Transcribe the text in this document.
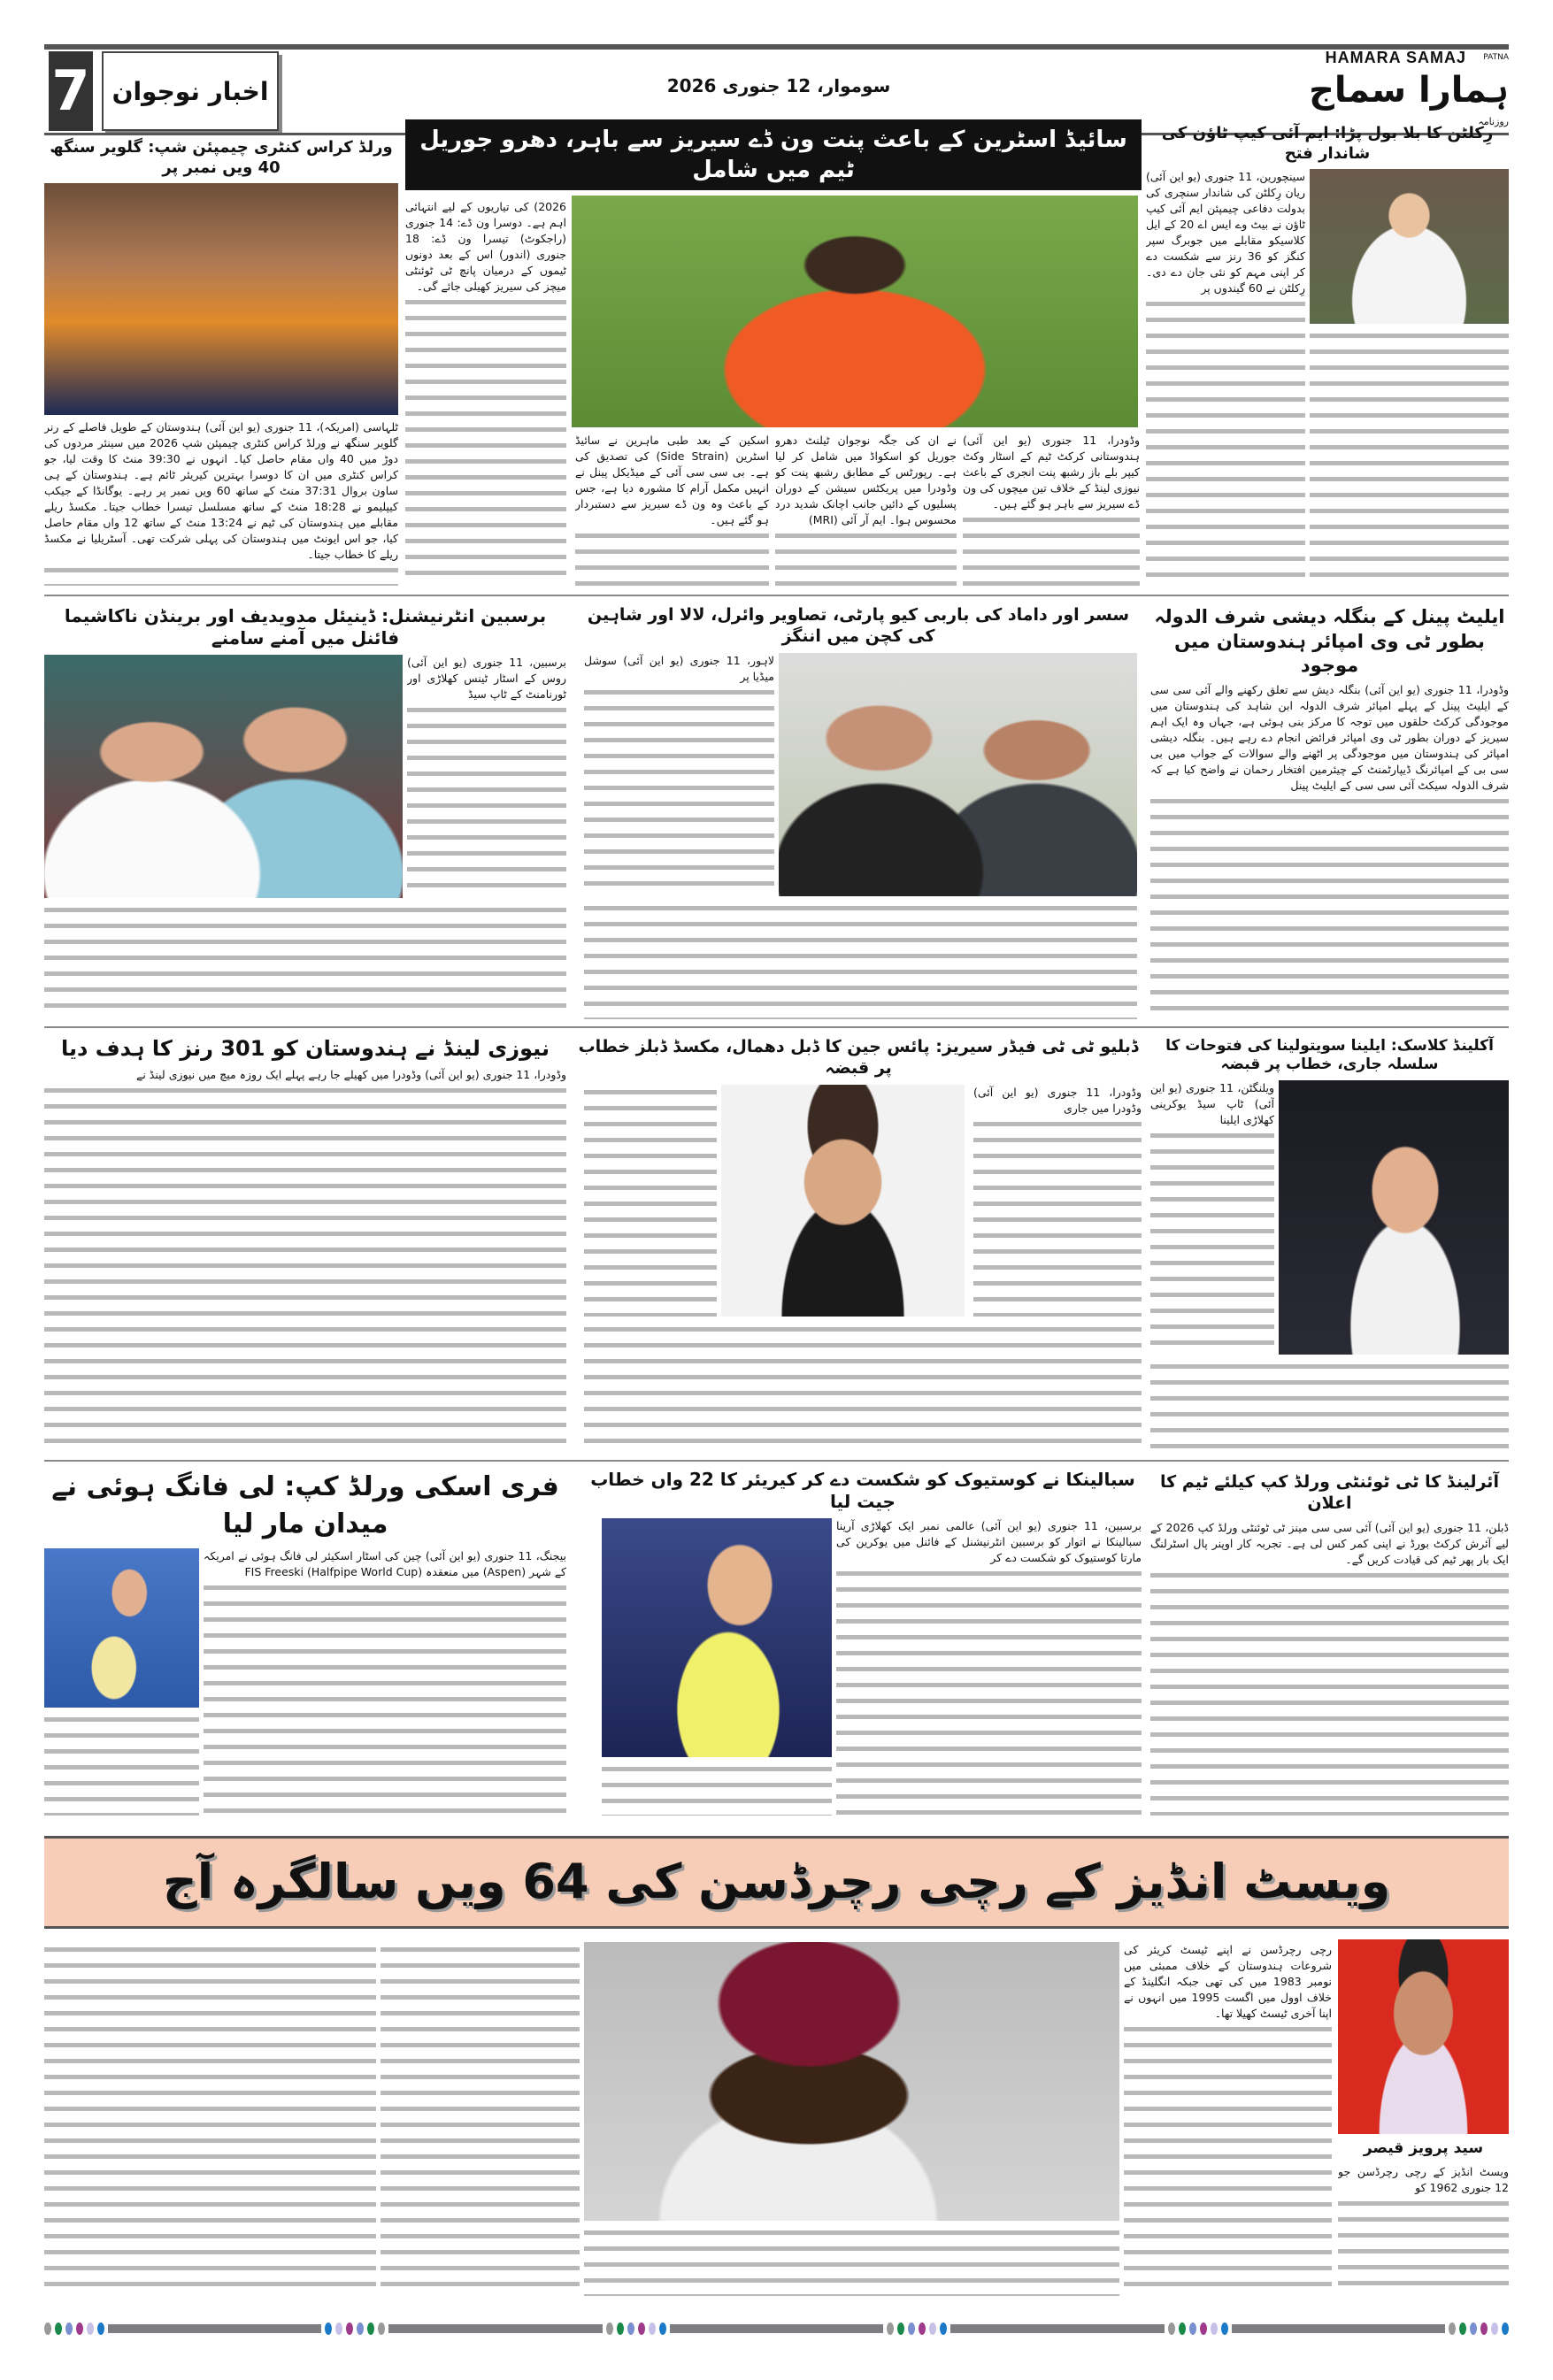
7 اخبار نوجوان	سوموار، 12 جنوری 2026
HAMARA SAMAJ PATNA
ہمارا سماج
روزنامہ
ورلڈ کراس کنٹری چیمپئن شپ: گلویر سنگھ 40 ویں نمبر پر

ٹلہاسی (امریکہ)، 11 جنوری (یو این آئی) ہندوستان کے طویل فاصلے کے رنر گلویر سنگھ نے ورلڈ کراس کنٹری چیمپئن شپ 2026 میں سینئر مردوں کی دوڑ میں 40 واں مقام حاصل کیا۔ انہوں نے 39:30 منٹ کا وقت لیا، جو کراس کنٹری میں ان کا دوسرا بہترین کیریئر ٹائم ہے۔ ہندوستان کے ہی ساون بروال 37:31 منٹ کے ساتھ 60 ویں نمبر پر رہے۔ یوگانڈا کے جیکب کیپلیمو نے 18:28 منٹ کے ساتھ مسلسل تیسرا خطاب جیتا۔ مکسڈ ریلے مقابلے میں ہندوستان کی ٹیم نے 13:24 منٹ کے ساتھ 12 واں مقام حاصل کیا، جو اس ایونٹ میں ہندوستان کی پہلی شرکت تھی۔ آسٹریلیا نے مکسڈ ریلے کا خطاب جیتا۔

سائیڈ اسٹرین کے باعث پنت ون ڈے سیریز سے باہر، دھرو جوریل ٹیم میں شامل

2026) کی تیاریوں کے لیے انتہائی اہم ہے۔ دوسرا ون ڈے: 14 جنوری (راجکوٹ) تیسرا ون ڈے: 18 جنوری (اندور) اس کے بعد دونوں ٹیموں کے درمیان پانچ ٹی ٹوئنٹی میچز کی سیریز کھیلی جائے گی۔

وڈودرا، 11 جنوری (یو این آئی) ہندوستانی کرکٹ ٹیم کے اسٹار وکٹ کیپر بلے باز رشبھ پنت انجری کے باعث نیوزی لینڈ کے خلاف تین میچوں کی ون ڈے سیریز سے باہر ہو گئے ہیں۔

نے ان کی جگہ نوجوان ٹیلنٹ دھرو جوریل کو اسکواڈ میں شامل کر لیا ہے۔ رپورٹس کے مطابق رشبھ پنت کو وڈودرا میں پریکٹس سیشن کے دوران پسلیوں کے دائیں جانب اچانک شدید درد محسوس ہوا۔ ایم آر آئی (MRI)

اسکین کے بعد طبی ماہرین نے سائیڈ اسٹرین (Side Strain) کی تصدیق کی ہے۔ بی سی سی آئی کے میڈیکل پینل نے انہیں مکمل آرام کا مشورہ دیا ہے، جس کے باعث وہ ون ڈے سیریز سے دستبردار ہو گئے ہیں۔

رِکلٹن کا بلا بول پڑا: ایم آئی کیپ ٹاؤن کی شاندار فتح

سینچورین، 11 جنوری (یو این آئی) ریان رِکلٹن کی شاندار سنچری کی بدولت دفاعی چیمپئن ایم آئی کیپ ٹاؤن نے بیٹ وے ایس اے 20 کے ایل کلاسیکو مقابلے میں جوبرگ سپر کنگز کو 36 رنز سے شکست دے کر اپنی مہم کو نئی جان دے دی۔ رِکلٹن نے 60 گیندوں پر

برسبین انٹرنیشنل: ڈینیئل مدویدیف اور برینڈن ناکاشیما فائنل میں آمنے سامنے

برسبین، 11 جنوری (یو این آئی) روس کے اسٹار ٹینس کھلاڑی اور ٹورنامنٹ کے ٹاپ سیڈ

سسر اور داماد کی باربی کیو پارٹی، تصاویر وائرل، لالا اور شاہین کی کچن میں اننگز

لاہور، 11 جنوری (یو این آئی) سوشل میڈیا پر

ایلیٹ پینل کے بنگلہ دیشی شرف الدولہ
بطور ٹی وی امپائر ہندوستان میں موجود

وڈودرا، 11 جنوری (یو این آئی) بنگلہ دیش سے تعلق رکھنے والے آئی سی سی کے ایلیٹ پینل کے پہلے امپائر شرف الدولہ ابن شاہد کی ہندوستان میں موجودگی کرکٹ حلقوں میں توجہ کا مرکز بنی ہوئی ہے، جہاں وہ ایک اہم سیریز کے دوران بطور ٹی وی امپائر فرائض انجام دے رہے ہیں۔ بنگلہ دیشی امپائر کی ہندوستان میں موجودگی پر اٹھنے والے سوالات کے جواب میں بی سی بی کے امپائرنگ ڈیپارٹمنٹ کے چیئرمین افتخار رحمان نے واضح کیا ہے کہ شرف الدولہ سیکٹ آئی سی سی کے ایلیٹ پینل

نیوزی لینڈ نے ہندوستان کو 301 رنز کا ہدف دیا

وڈودرا، 11 جنوری (یو این آئی) وڈودرا میں کھیلے جا رہے پہلے ایک روزہ میچ میں نیوزی لینڈ نے

ڈبلیو ٹی ٹی فیڈر سیریز: پائس جین کا ڈبل دھمال، مکسڈ ڈبلز خطاب پر قبضہ

وڈودرا، 11 جنوری (یو این آئی) وڈودرا میں جاری

آکلینڈ کلاسک: ایلینا سویتولینا کی فتوحات کا سلسلہ جاری، خطاب پر قبضہ

ویلنگٹن، 11 جنوری (یو این آئی) ٹاپ سیڈ یوکرینی کھلاڑی ایلینا

فری اسکی ورلڈ کپ: لی فانگ ہوئی نے میدان مار لیا

بیجنگ، 11 جنوری (یو این آئی) چین کی اسٹار اسکیئر لی فانگ ہوئی نے امریکہ کے شہر (Aspen) میں منعقدہ FIS Freeski (Halfpipe World Cup)

سبالینکا نے کوستیوک کو شکست دے کر کیریئر کا 22 واں خطاب جیت لیا

برسبین، 11 جنوری (یو این آئی) عالمی نمبر ایک کھلاڑی آرینا سبالینکا نے اتوار کو برسبین انٹرنیشنل کے فائنل میں یوکرین کی مارتا کوستیوک کو شکست دے کر

آئرلینڈ کا ٹی ٹوئنٹی ورلڈ کپ کیلئے ٹیم کا اعلان

ڈبلن، 11 جنوری (یو این آئی) آئی سی سی مینز ٹی ٹوئنٹی ورلڈ کپ 2026 کے لیے آئرش کرکٹ بورڈ نے اپنی کمر کس لی ہے۔ تجربہ کار اوپنر پال اسٹرلنگ ایک بار پھر ٹیم کی قیادت کریں گے۔

ویسٹ انڈیز کے رچی رچرڈسن کی 64 ویں سالگرہ آج

رچی رچرڈسن نے اپنے ٹیسٹ کریئر کی شروعات ہندوستان کے خلاف ممبئی میں نومبر 1983 میں کی تھی جبکہ انگلینڈ کے خلاف اوول میں اگست 1995 میں انہوں نے اپنا آخری ٹیسٹ کھیلا تھا۔

سید پرویز قیصر

ویسٹ انڈیز کے رچی رچرڈسن جو 12 جنوری 1962 کو
